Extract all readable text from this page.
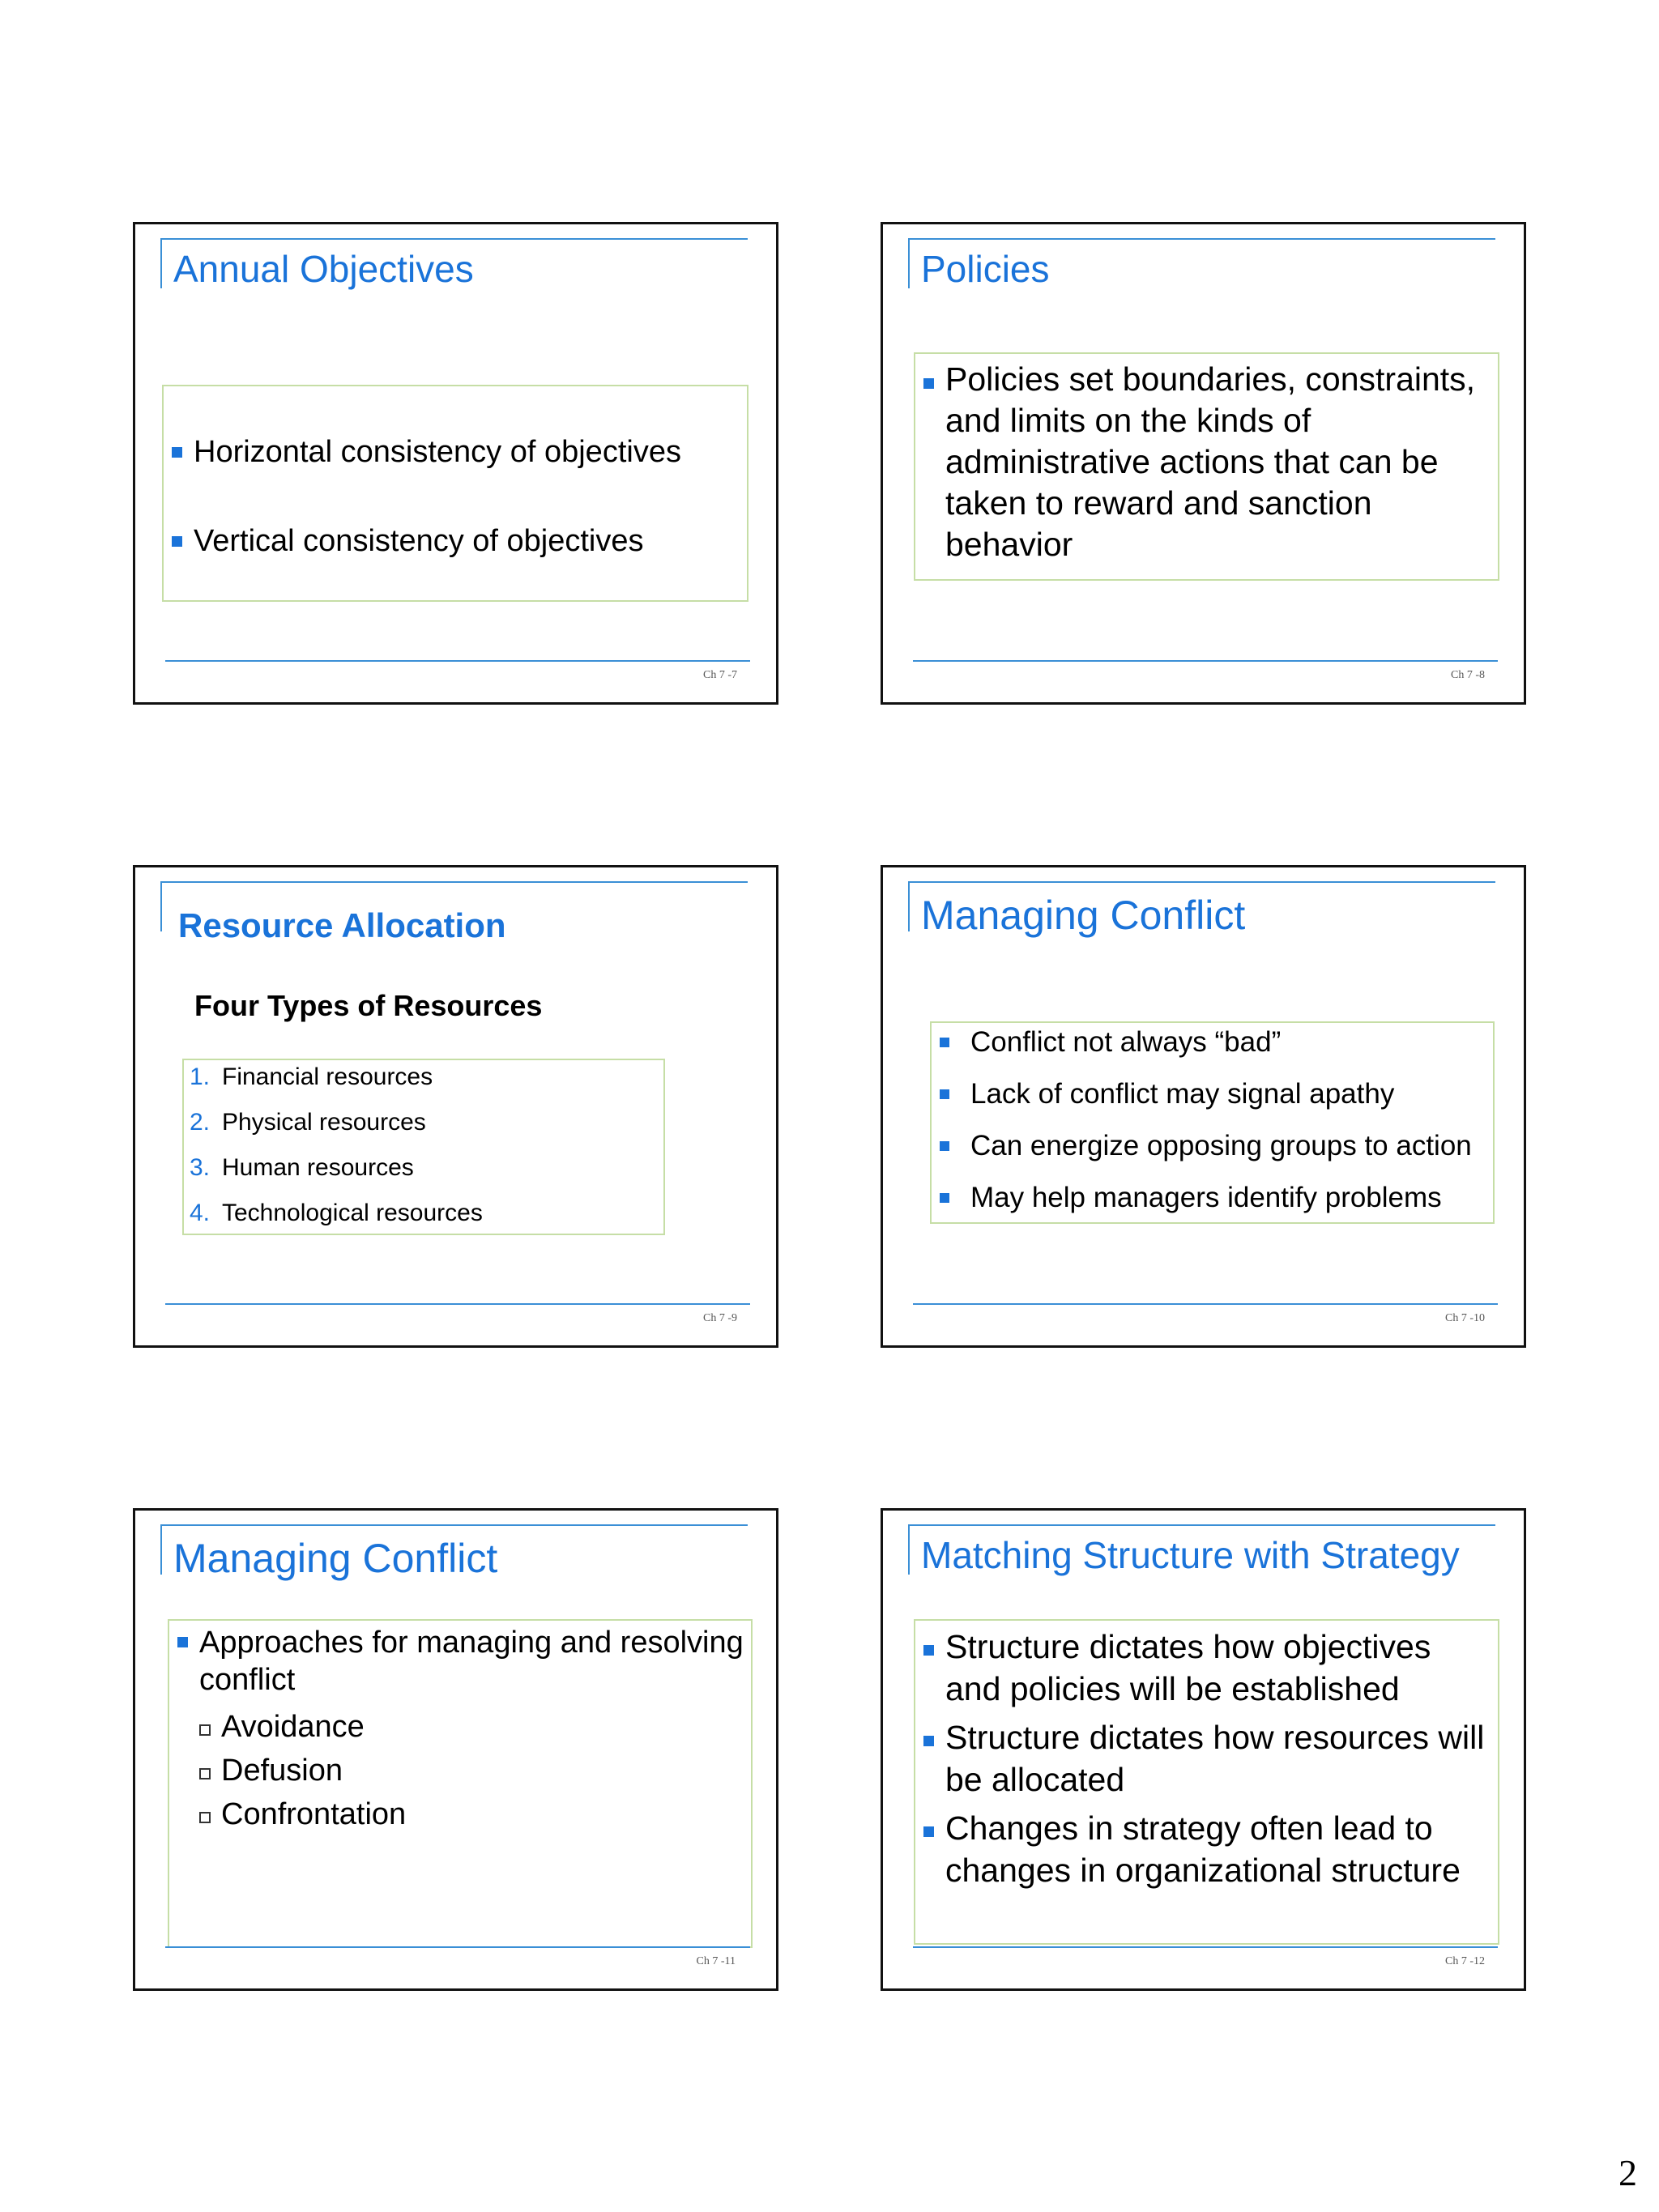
Annual Objectives
Horizontal consistency of objectives
Vertical consistency of objectives
Ch 7 -7
Policies
Policies set boundaries, constraints, and limits on the kinds of administrative actions that can be taken to reward and sanction behavior
Ch 7 -8
Resource Allocation
Four Types of Resources
1. Financial resources
2. Physical resources
3. Human resources
4. Technological resources
Ch 7 -9
Managing Conflict
Conflict not always “bad”
Lack of conflict may signal apathy
Can energize opposing groups to action
May help managers identify problems
Ch 7 -10
Managing Conflict
Approaches for managing and resolving conflict
Avoidance
Defusion
Confrontation
Ch 7 -11
Matching Structure with Strategy
Structure dictates how objectives and policies will be established
Structure dictates how resources will be allocated
Changes in strategy often lead to changes in organizational structure
Ch 7 -12
2
